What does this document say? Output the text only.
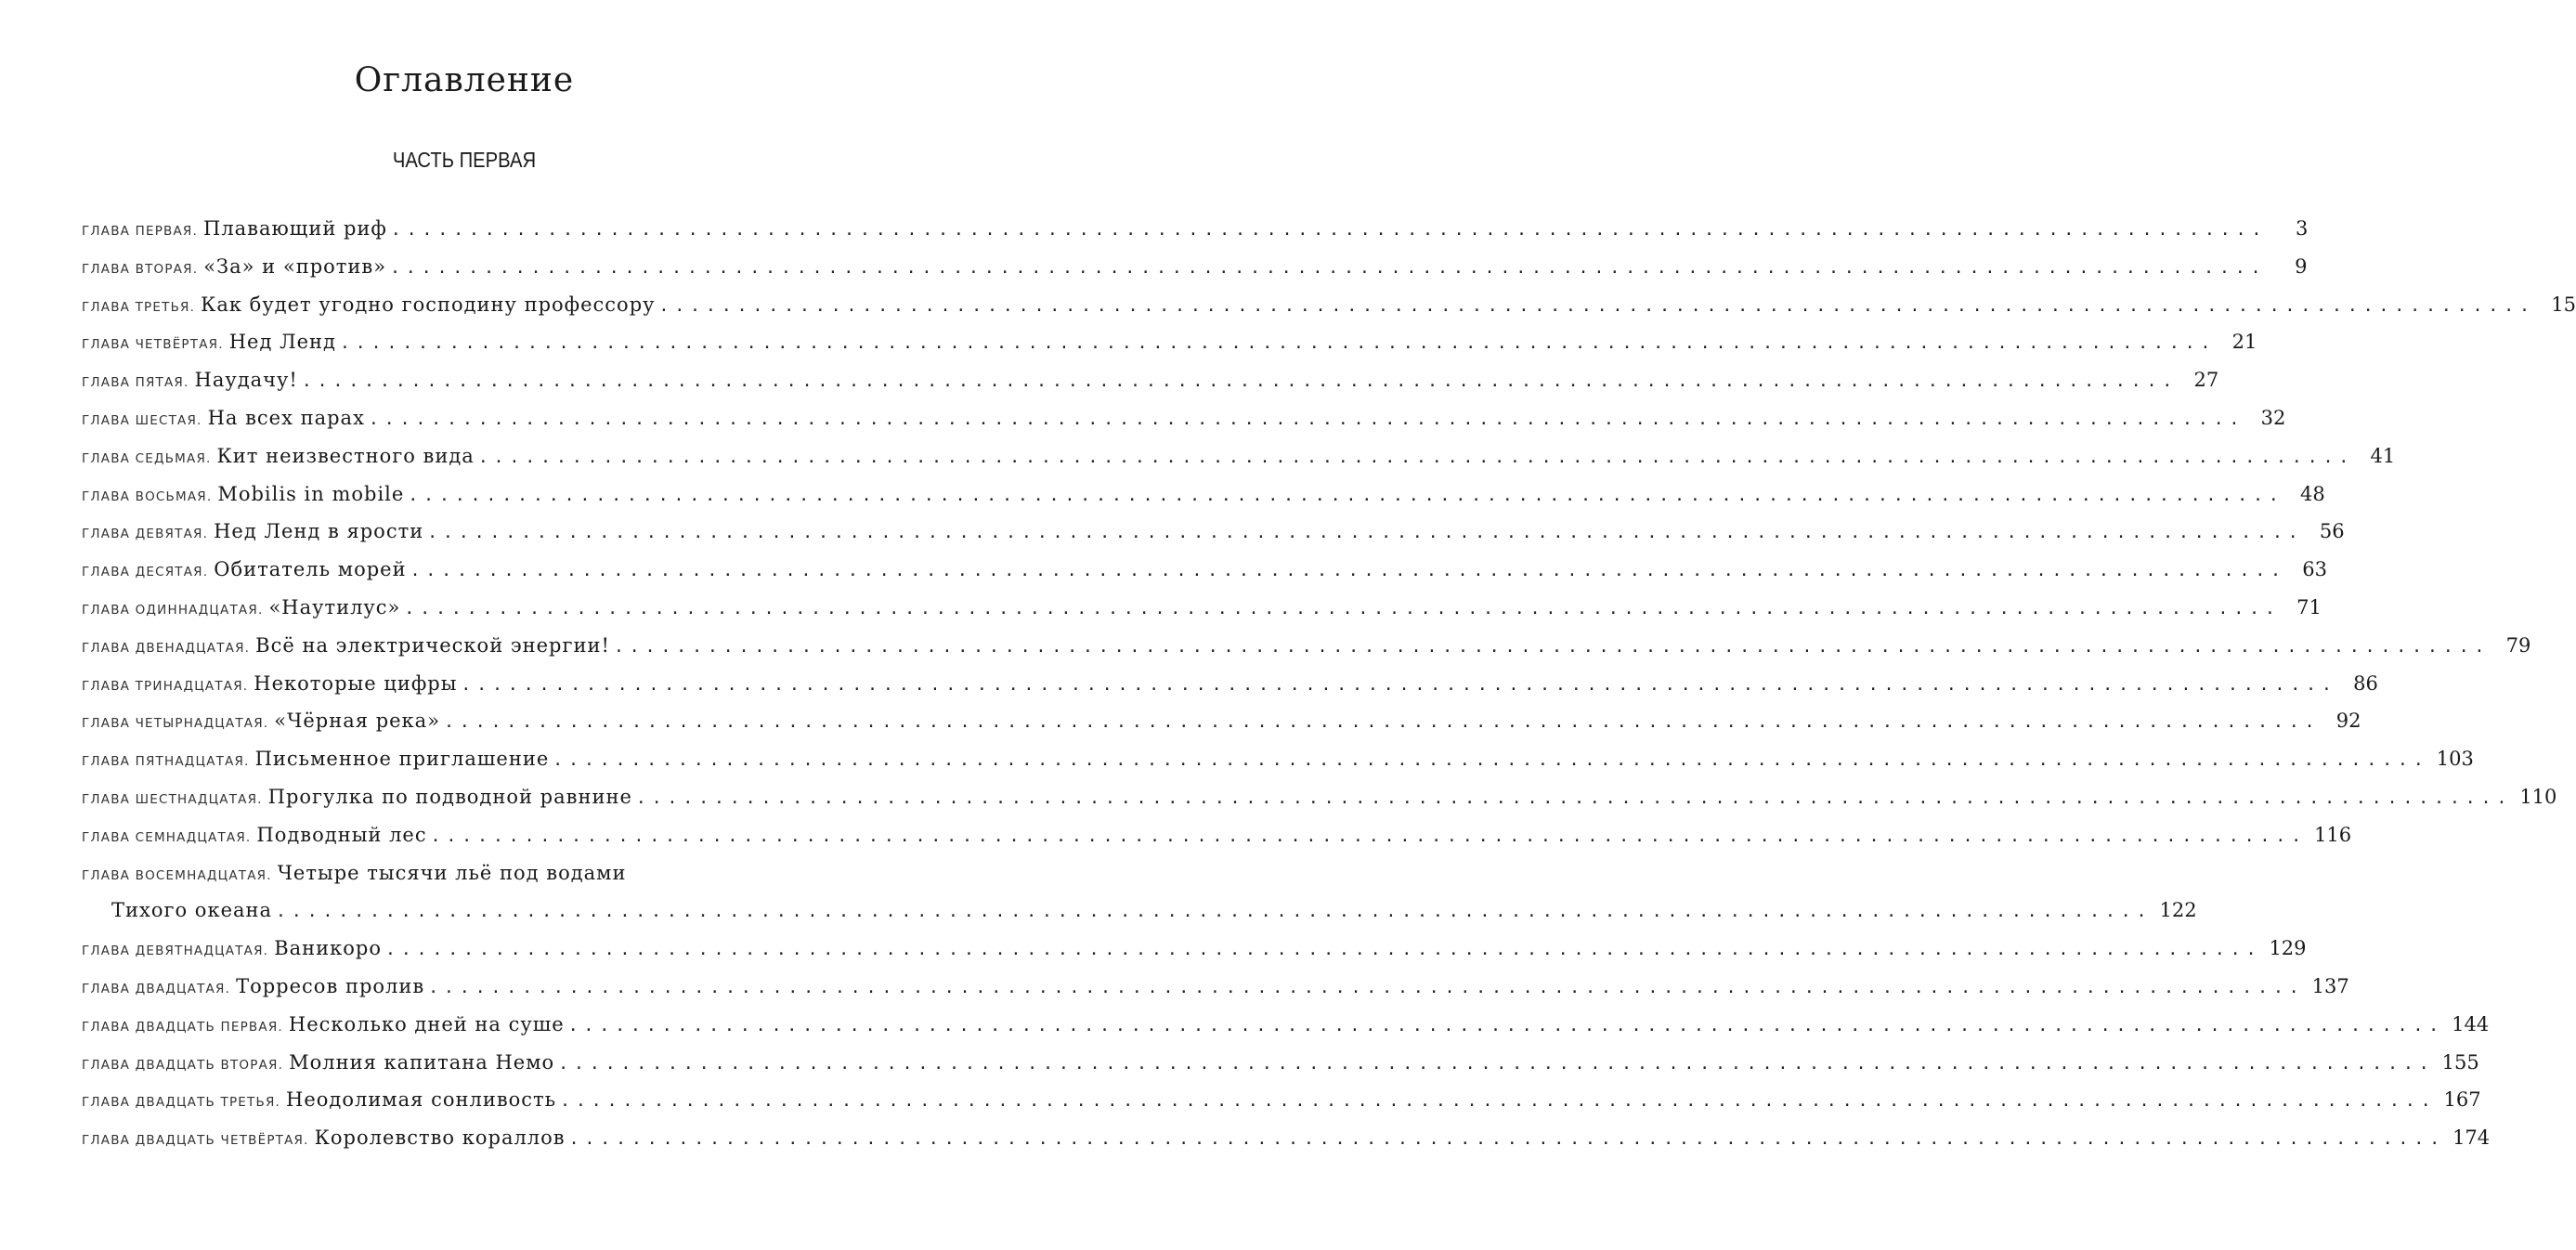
Оглавление
ЧАСТЬ ПЕРВАЯ
ГЛАВА ПЕРВАЯ. Плавающий риф ........................................................................................................................	3
ГЛАВА ВТОРАЯ. «За» и «против» ........................................................................................................................	9
ГЛАВА ТРЕТЬЯ. Как будет угодно господину профессору ........................................................................................................................ 15
ГЛАВА ЧЕТВЁРТАЯ. Нед Ленд ........................................................................................................................ 21
ГЛАВА ПЯТАЯ. Наудачу! ........................................................................................................................ 27
ГЛАВА ШЕСТАЯ. На всех парах ........................................................................................................................ 32
ГЛАВА СЕДЬМАЯ. Кит неизвестного вида ........................................................................................................................ 41
ГЛАВА ВОСЬМАЯ. Mobilis in mobile ........................................................................................................................ 48
ГЛАВА ДЕВЯТАЯ. Нед Ленд в ярости ........................................................................................................................ 56
ГЛАВА ДЕСЯТАЯ. Обитатель морей ........................................................................................................................ 63
ГЛАВА ОДИННАДЦАТАЯ. «Наутилус» ........................................................................................................................ 71
ГЛАВА ДВЕНАДЦАТАЯ. Всё на электрической энергии! ........................................................................................................................ 79
ГЛАВА ТРИНАДЦАТАЯ. Некоторые цифры ........................................................................................................................ 86
ГЛАВА ЧЕТЫРНАДЦАТАЯ. «Чёрная река» ........................................................................................................................ 92
ГЛАВА ПЯТНАДЦАТАЯ. Письменное приглашение ........................................................................................................................ 103
ГЛАВА ШЕСТНАДЦАТАЯ. Прогулка по подводной равнине ........................................................................................................................ 110
ГЛАВА СЕМНАДЦАТАЯ. Подводный лес ........................................................................................................................ 116
ГЛАВА ВОСЕМНАДЦАТАЯ. Четыре тысячи льё под водами
Тихого океана ........................................................................................................................ 122
ГЛАВА ДЕВЯТНАДЦАТАЯ. Ваникоро ........................................................................................................................ 129
ГЛАВА ДВАДЦАТАЯ. Торресов пролив ........................................................................................................................ 137
ГЛАВА ДВАДЦАТЬ ПЕРВАЯ. Несколько дней на суше ........................................................................................................................ 144
ГЛАВА ДВАДЦАТЬ ВТОРАЯ. Молния капитана Немо ........................................................................................................................ 155
ГЛАВА ДВАДЦАТЬ ТРЕТЬЯ. Неодолимая сонливость ........................................................................................................................ 167
ГЛАВА ДВАДЦАТЬ ЧЕТВЁРТАЯ. Королевство кораллов ........................................................................................................................ 174
